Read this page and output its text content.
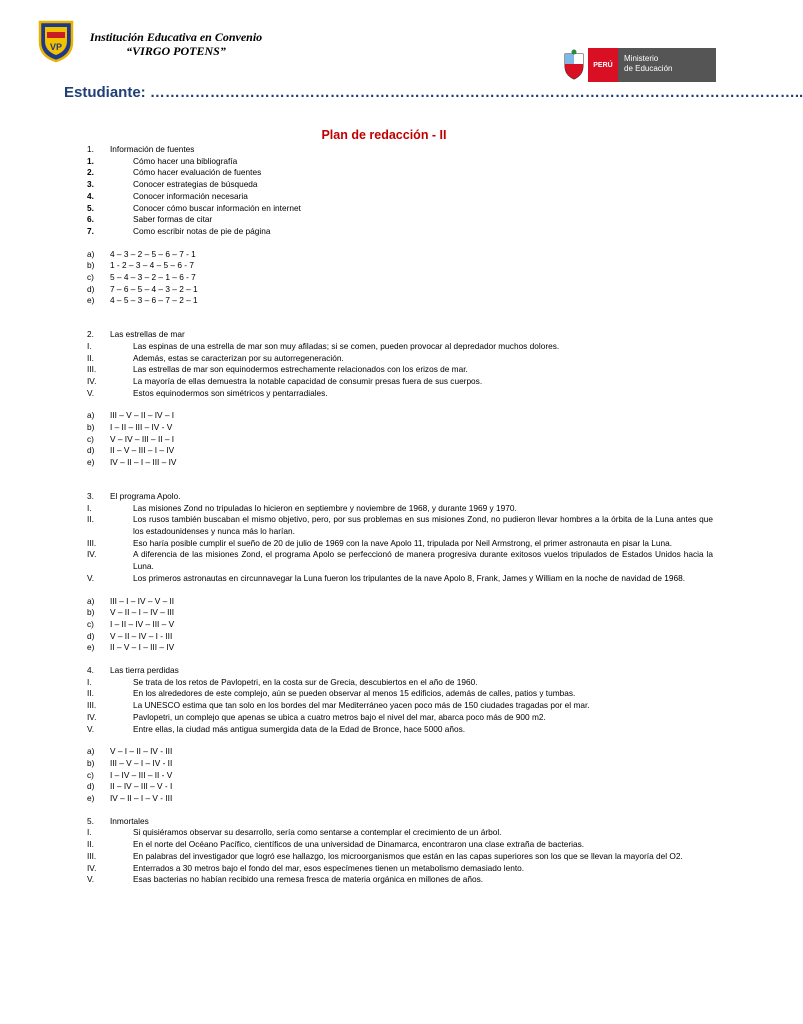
VP
Institución Educativa en Convenio
“VIRGO POTENS”
PERÚ
Ministerio
de Educación
Estudiante: …………………………………………………………………………………………………………………..
Plan de redacción - II
1.	Información de fuentes
1.	Cómo hacer una bibliografía
2.	Cómo hacer evaluación de fuentes
3.	Conocer estrategias de búsqueda
4.	Conocer información necesaria
5.	Conocer cómo buscar información en internet
6.	Saber formas de citar
7.	Como escribir notas de pie de página
a)	4 – 3 – 2 – 5 – 6 – 7 - 1
b)	1 - 2 – 3 – 4 – 5 – 6 - 7
c)	5 – 4 – 3 – 2 – 1 – 6 - 7
d)	7 – 6 – 5 – 4 – 3 – 2 – 1
e)	4 – 5 – 3 – 6 – 7 – 2 – 1
2.	Las estrellas de mar
I.	Las espinas de una estrella de mar son muy afiladas; si se comen, pueden provocar al depredador muchos dolores.
II.	Además, estas se caracterizan por su autorregeneración.
III.	Las estrellas de mar son equinodermos estrechamente relacionados con los erizos de mar.
IV.	La mayoría de ellas demuestra la notable capacidad de consumir presas fuera de sus cuerpos.
V.	Estos equinodermos son simétricos y pentarradiales.
a)	III – V – II – IV – I
b)	I – II – III – IV - V
c)	V – IV – III – II – I
d)	II – V – III – I – IV
e)	IV – II – I – III – IV
3.	El programa Apolo.
I.	Las misiones Zond no tripuladas lo hicieron en septiembre y noviembre de 1968, y durante 1969 y 1970.
II.	Los rusos también buscaban el mismo objetivo, pero, por sus problemas en sus misiones Zond, no pudieron llevar hombres a la órbita de la Luna antes que los estadounidenses y nunca más lo harían.
III.	Eso haría posible cumplir el sueño de 20 de julio de 1969 con la nave Apolo 11, tripulada por Neil Armstrong, el primer astronauta en pisar la Luna.
IV.	A diferencia de las misiones Zond, el programa Apolo se perfeccionó de manera progresiva durante exitosos vuelos tripulados de Estados Unidos hacia la Luna.
V.	Los primeros astronautas en circunnavegar la Luna fueron los tripulantes de la nave Apolo 8, Frank, James y William en la noche de navidad de 1968.
a)	III – I – IV – V – II
b)	V – II – I – IV – III
c)	I – II – IV – III – V
d)	V – II – IV – I - III
e)	II – V – I – III – IV
4.	Las tierra perdidas
I.	Se trata de los retos de Pavlopetri, en la costa sur de Grecia, descubiertos en el año de 1960.
II.	En los alrededores de este complejo, aún se pueden observar al menos 15 edificios, además de calles, patios y tumbas.
III.	La UNESCO estima que tan solo en los bordes del mar Mediterráneo yacen poco más de 150 ciudades tragadas por el mar.
IV.	Pavlopetri, un complejo que apenas se ubica a cuatro metros bajo el nivel del mar, abarca poco más de 900 m2.
V.	Entre ellas, la ciudad más antigua sumergida data de la Edad de Bronce, hace 5000 años.
a)	V – I – II – IV - III
b)	III – V – I – IV - II
c)	I – IV – III – II - V
d)	II – IV – III – V - I
e)	IV – II – I – V - III
5.	Inmortales
I.	Si quisiéramos observar su desarrollo, sería como sentarse a contemplar el crecimiento de un árbol.
II.	En el norte del Océano Pacífico, científicos de una universidad de Dinamarca, encontraron una clase extraña de bacterias.
III.	En palabras del investigador que logró ese hallazgo, los microorganismos que están en las capas superiores son los que se llevan la mayoría del O2.
IV.	Enterrados a 30 metros bajo el fondo del mar, esos especímenes tienen un metabolismo demasiado lento.
V.	Esas bacterias no habían recibido una remesa fresca de materia orgánica en millones de años.
